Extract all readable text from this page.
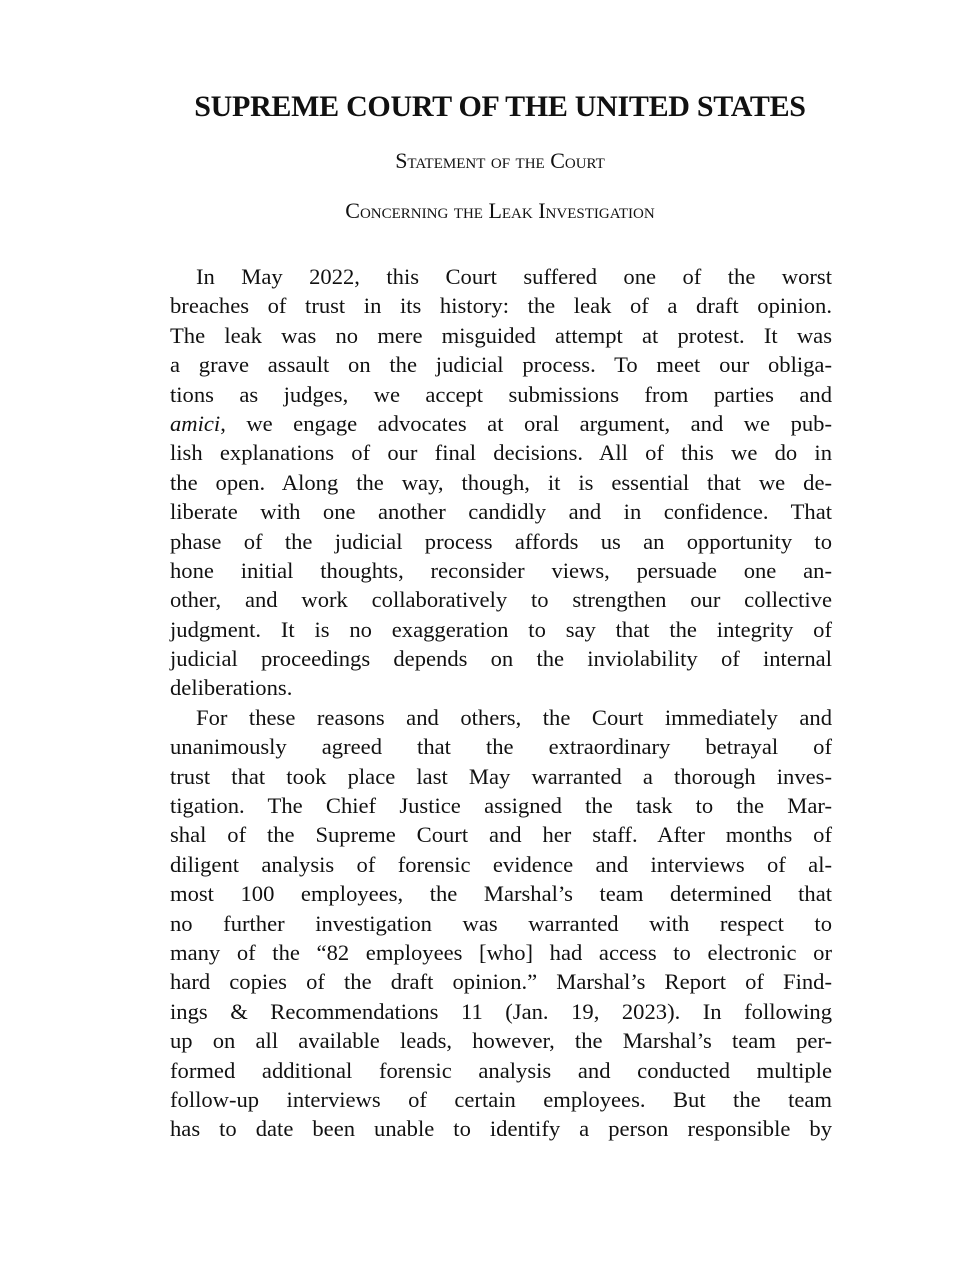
SUPREME COURT OF THE UNITED STATES

Statement of the Court

Concerning the Leak Investigation

In May 2022, this Court suffered one of the worst
breaches of trust in its history: the leak of a draft opinion.
The leak was no mere misguided attempt at protest. It was
a grave assault on the judicial process. To meet our obliga-
tions as judges, we accept submissions from parties and
amici, we engage advocates at oral argument, and we pub-
lish explanations of our final decisions. All of this we do in
the open. Along the way, though, it is essential that we de-
liberate with one another candidly and in confidence. That
phase of the judicial process affords us an opportunity to
hone initial thoughts, reconsider views, persuade one an-
other, and work collaboratively to strengthen our collective
judgment. It is no exaggeration to say that the integrity of
judicial proceedings depends on the inviolability of internal
deliberations.
For these reasons and others, the Court immediately and
unanimously agreed that the extraordinary betrayal of
trust that took place last May warranted a thorough inves-
tigation. The Chief Justice assigned the task to the Mar-
shal of the Supreme Court and her staff. After months of
diligent analysis of forensic evidence and interviews of al-
most 100 employees, the Marshal’s team determined that
no further investigation was warranted with respect to
many of the “82 employees [who] had access to electronic or
hard copies of the draft opinion.” Marshal’s Report of Find-
ings & Recommendations 11 (Jan. 19, 2023). In following
up on all available leads, however, the Marshal’s team per-
formed additional forensic analysis and conducted multiple
follow-up interviews of certain employees. But the team
has to date been unable to identify a person responsible by
